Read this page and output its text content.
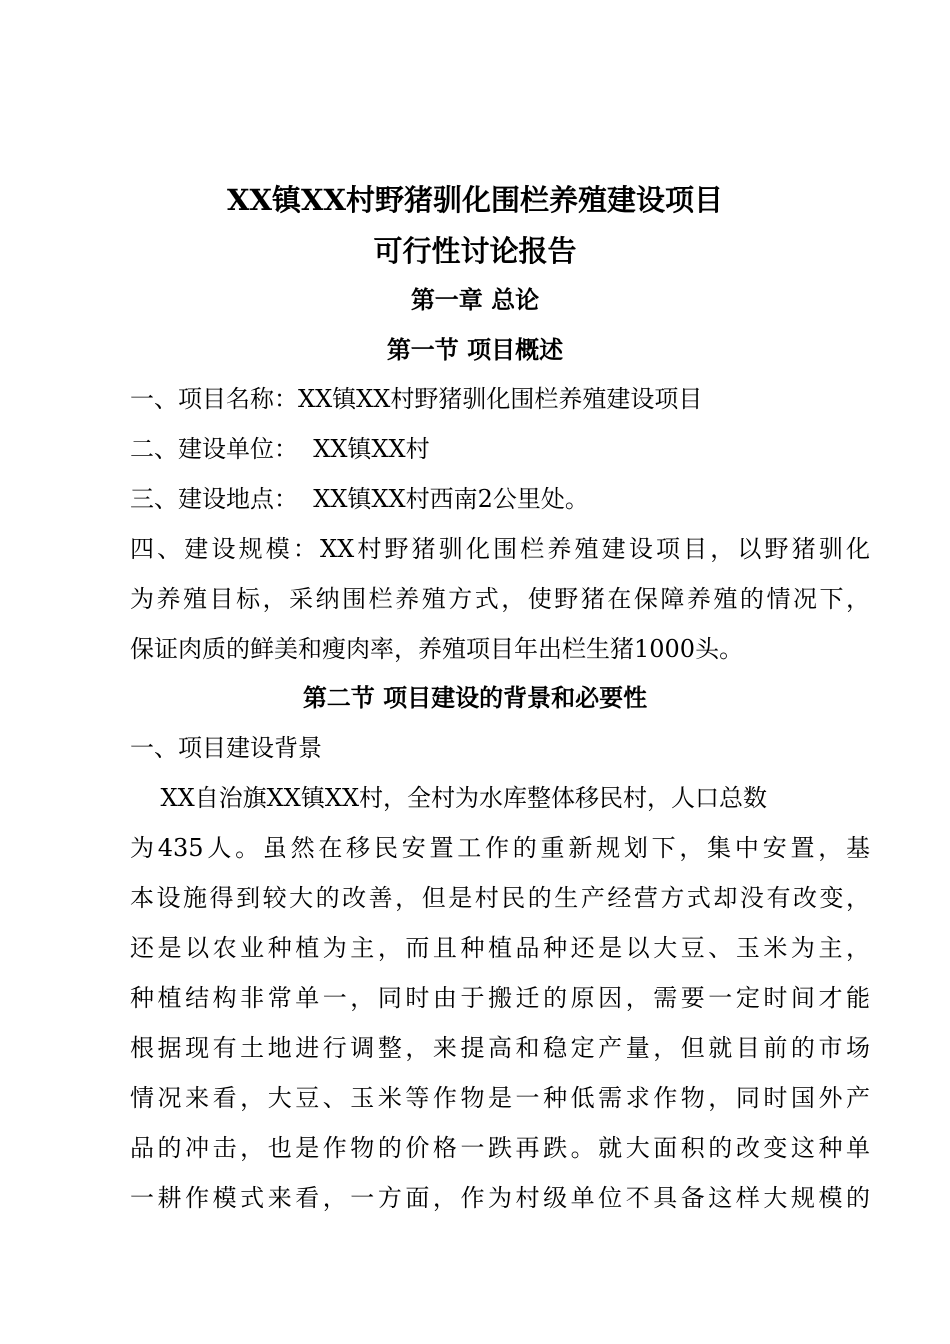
XX镇XX村野猪驯化围栏养殖建设项目
可行性讨论报告
第一章 总论
第一节 项目概述
一、项目名称：XX镇XX村野猪驯化围栏养殖建设项目
二、建设单位：  XX镇XX村
三、建设地点：  XX镇XX村西南2公里处。
四、建设规模：XX村野猪驯化围栏养殖建设项目，以野猪驯化
为养殖目标，采纳围栏养殖方式，使野猪在保障养殖的情况下，
保证肉质的鲜美和瘦肉率，养殖项目年出栏生猪1000头。
第二节 项目建设的背景和必要性
一、项目建设背景
XX自治旗XX镇XX村，全村为水库整体移民村，人口总数
为435人。虽然在移民安置工作的重新规划下，集中安置，基
本设施得到较大的改善，但是村民的生产经营方式却没有改变，
还是以农业种植为主，而且种植品种还是以大豆、玉米为主，
种植结构非常单一，同时由于搬迁的原因，需要一定时间才能
根据现有土地进行调整，来提高和稳定产量，但就目前的市场
情况来看，大豆、玉米等作物是一种低需求作物，同时国外产
品的冲击，也是作物的价格一跌再跌。就大面积的改变这种单
一耕作模式来看，一方面，作为村级单位不具备这样大规模的
